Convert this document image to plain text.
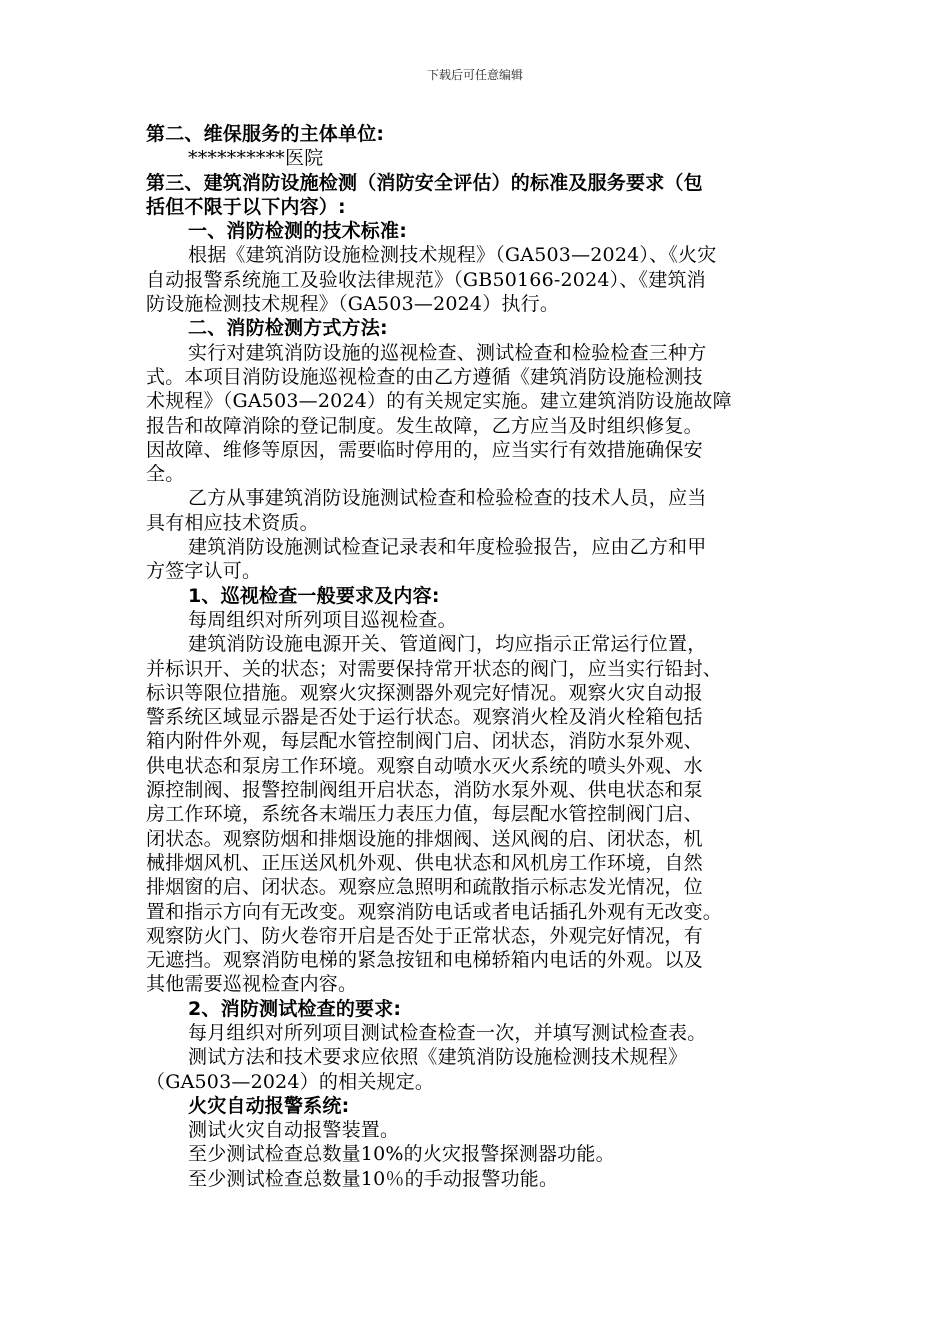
下载后可任意编辑
第二、维保服务的主体单位:
**********医院
第三、建筑消防设施检测（消防安全评估）的标准及服务要求（包
括但不限于以下内容）:
一、消防检测的技术标准:
根据《建筑消防设施检测技术规程》（GA503—2024）、《火灾
自动报警系统施工及验收法律规范》（GB50166-2024）、《建筑消
防设施检测技术规程》（GA503—2024）执行。
二、消防检测方式方法:
实行对建筑消防设施的巡视检查、测试检查和检验检查三种方
式。本项目消防设施巡视检查的由乙方遵循《建筑消防设施检测技
术规程》（GA503—2024）的有关规定实施。建立建筑消防设施故障
报告和故障消除的登记制度。发生故障，乙方应当及时组织修复。
因故障、维修等原因，需要临时停用的，应当实行有效措施确保安
全。
乙方从事建筑消防设施测试检查和检验检查的技术人员，应当
具有相应技术资质。
建筑消防设施测试检查记录表和年度检验报告，应由乙方和甲
方签字认可。
1、巡视检查一般要求及内容:
每周组织对所列项目巡视检查。
建筑消防设施电源开关、管道阀门，均应指示正常运行位置，
并标识开、关的状态；对需要保持常开状态的阀门，应当实行铅封、
标识等限位措施。观察火灾探测器外观完好情况。观察火灾自动报
警系统区域显示器是否处于运行状态。观察消火栓及消火栓箱包括
箱内附件外观，每层配水管控制阀门启、闭状态，消防水泵外观、
供电状态和泵房工作环境。观察自动喷水灭火系统的喷头外观、水
源控制阀、报警控制阀组开启状态，消防水泵外观、供电状态和泵
房工作环境，系统各末端压力表压力值，每层配水管控制阀门启、
闭状态。观察防烟和排烟设施的排烟阀、送风阀的启、闭状态，机
械排烟风机、正压送风机外观、供电状态和风机房工作环境，自然
排烟窗的启、闭状态。观察应急照明和疏散指示标志发光情况，位
置和指示方向有无改变。观察消防电话或者电话插孔外观有无改变。
观察防火门、防火卷帘开启是否处于正常状态，外观完好情况，有
无遮挡。观察消防电梯的紧急按钮和电梯轿箱内电话的外观。以及
其他需要巡视检查内容。
2、消防测试检查的要求:
每月组织对所列项目测试检查检查一次，并填写测试检查表。
测试方法和技术要求应依照《建筑消防设施检测技术规程》
（GA503—2024）的相关规定。
火灾自动报警系统:
测试火灾自动报警装置。
至少测试检查总数量10%的火灾报警探测器功能。
至少测试检查总数量10％的手动报警功能。
